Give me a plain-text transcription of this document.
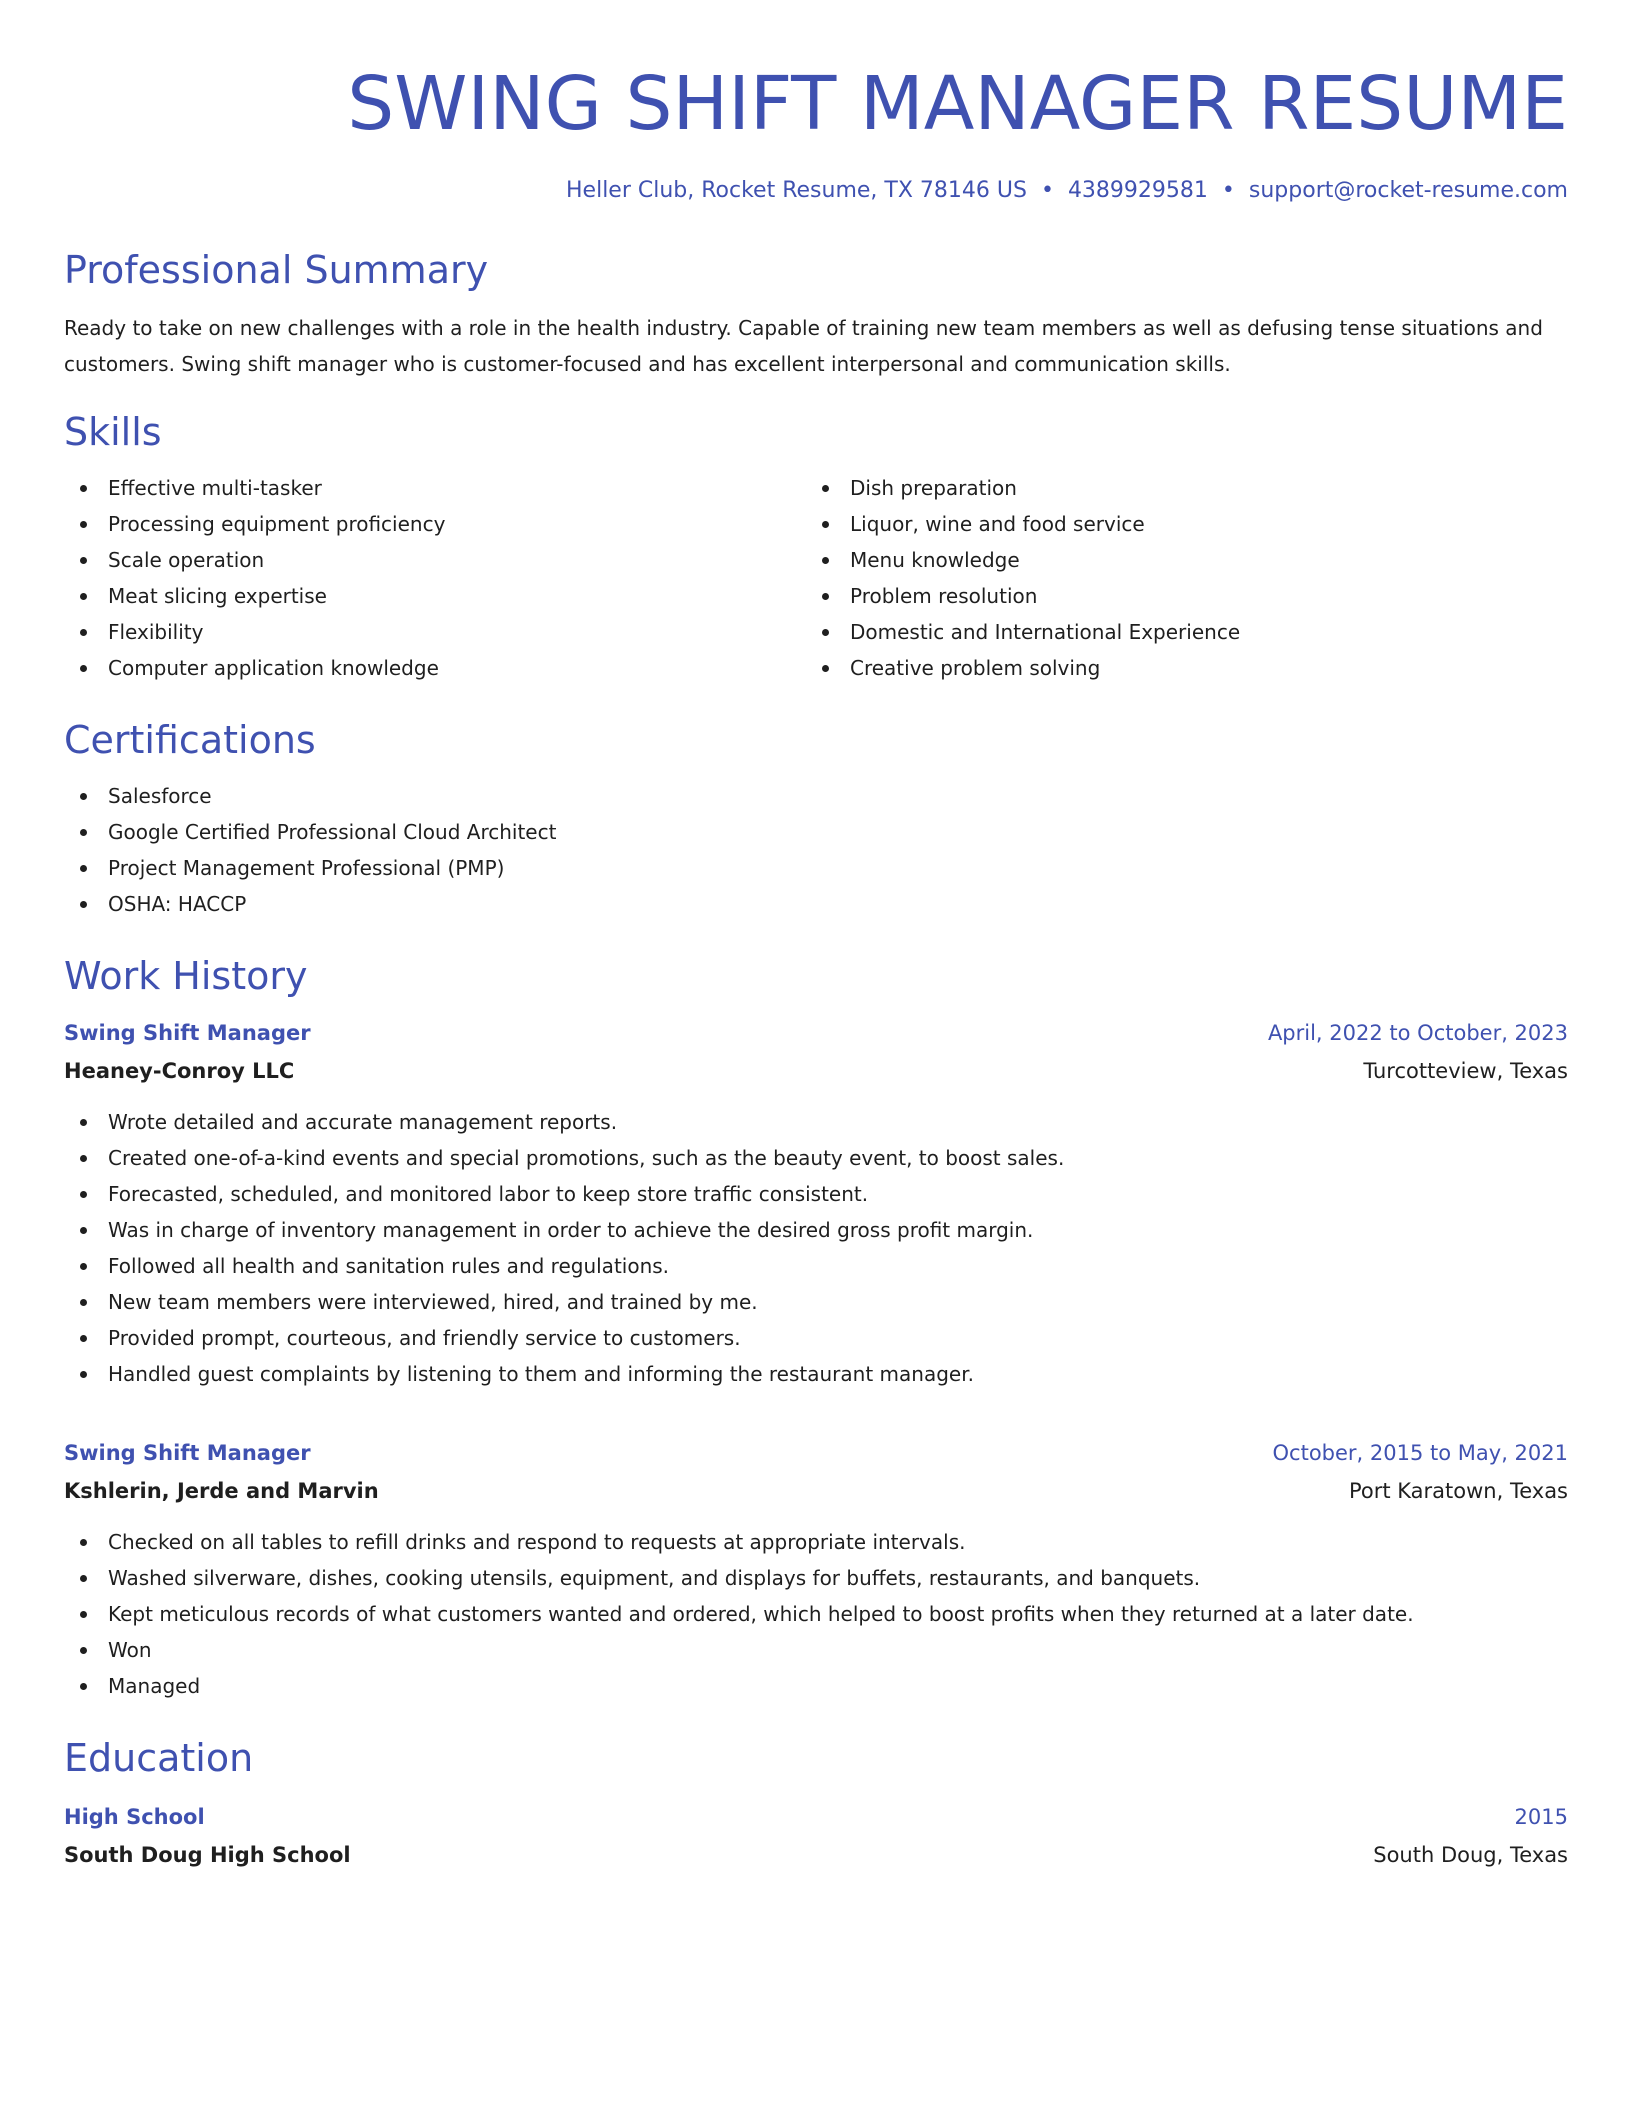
SWING SHIFT MANAGER RESUME
Heller Club, Rocket Resume, TX 78146 US • 4389929581 • support@rocket-resume.com
Professional Summary
Ready to take on new challenges with a role in the health industry. Capable of training new team members as well as defusing tense situations and customers. Swing shift manager who is customer-focused and has excellent interpersonal and communication skills.
Skills
Effective multi-tasker
Processing equipment proficiency
Scale operation
Meat slicing expertise
Flexibility
Computer application knowledge
Dish preparation
Liquor, wine and food service
Menu knowledge
Problem resolution
Domestic and International Experience
Creative problem solving
Certifications
Salesforce
Google Certified Professional Cloud Architect
Project Management Professional (PMP)
OSHA: HACCP
Work History
Swing Shift Manager	April, 2022 to October, 2023
Heaney-Conroy LLC	Turcotteview, Texas
Wrote detailed and accurate management reports.
Created one-of-a-kind events and special promotions, such as the beauty event, to boost sales.
Forecasted, scheduled, and monitored labor to keep store traffic consistent.
Was in charge of inventory management in order to achieve the desired gross profit margin.
Followed all health and sanitation rules and regulations.
New team members were interviewed, hired, and trained by me.
Provided prompt, courteous, and friendly service to customers.
Handled guest complaints by listening to them and informing the restaurant manager.
Swing Shift Manager	October, 2015 to May, 2021
Kshlerin, Jerde and Marvin	Port Karatown, Texas
Checked on all tables to refill drinks and respond to requests at appropriate intervals.
Washed silverware, dishes, cooking utensils, equipment, and displays for buffets, restaurants, and banquets.
Kept meticulous records of what customers wanted and ordered, which helped to boost profits when they returned at a later date.
Won
Managed
Education
High School	2015
South Doug High School	South Doug, Texas
